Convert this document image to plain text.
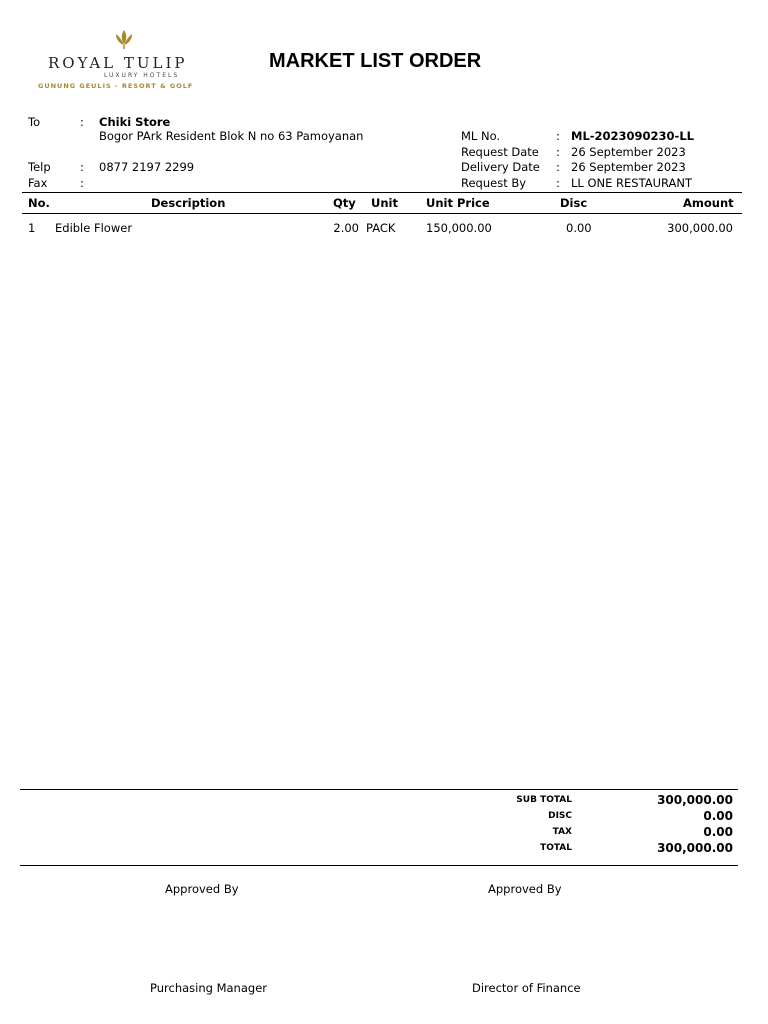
ROYAL TULIP
LUXURY HOTELS
GUNUNG GEULIS - RESORT & GOLF
MARKET LIST ORDER
To	: Chiki Store
Bogor PArk Resident Blok N no 63 Pamoyanan
Telp	: 0877 2197 2299
Fax	:
ML No.	: ML-2023090230-LL
Request Date : 26 September 2023
Delivery Date : 26 September 2023
Request By	: LL ONE RESTAURANT
No.	Description	Qty Unit Unit Price	Disc	Amount
1 Edible Flower	2.00 PACK	150,000.00	0.00	300,000.00
SUB TOTAL	300,000.00
DISC	0.00
TAX	0.00
TOTAL	300,000.00
Approved By	Approved By
Purchasing Manager	Director of Finance
